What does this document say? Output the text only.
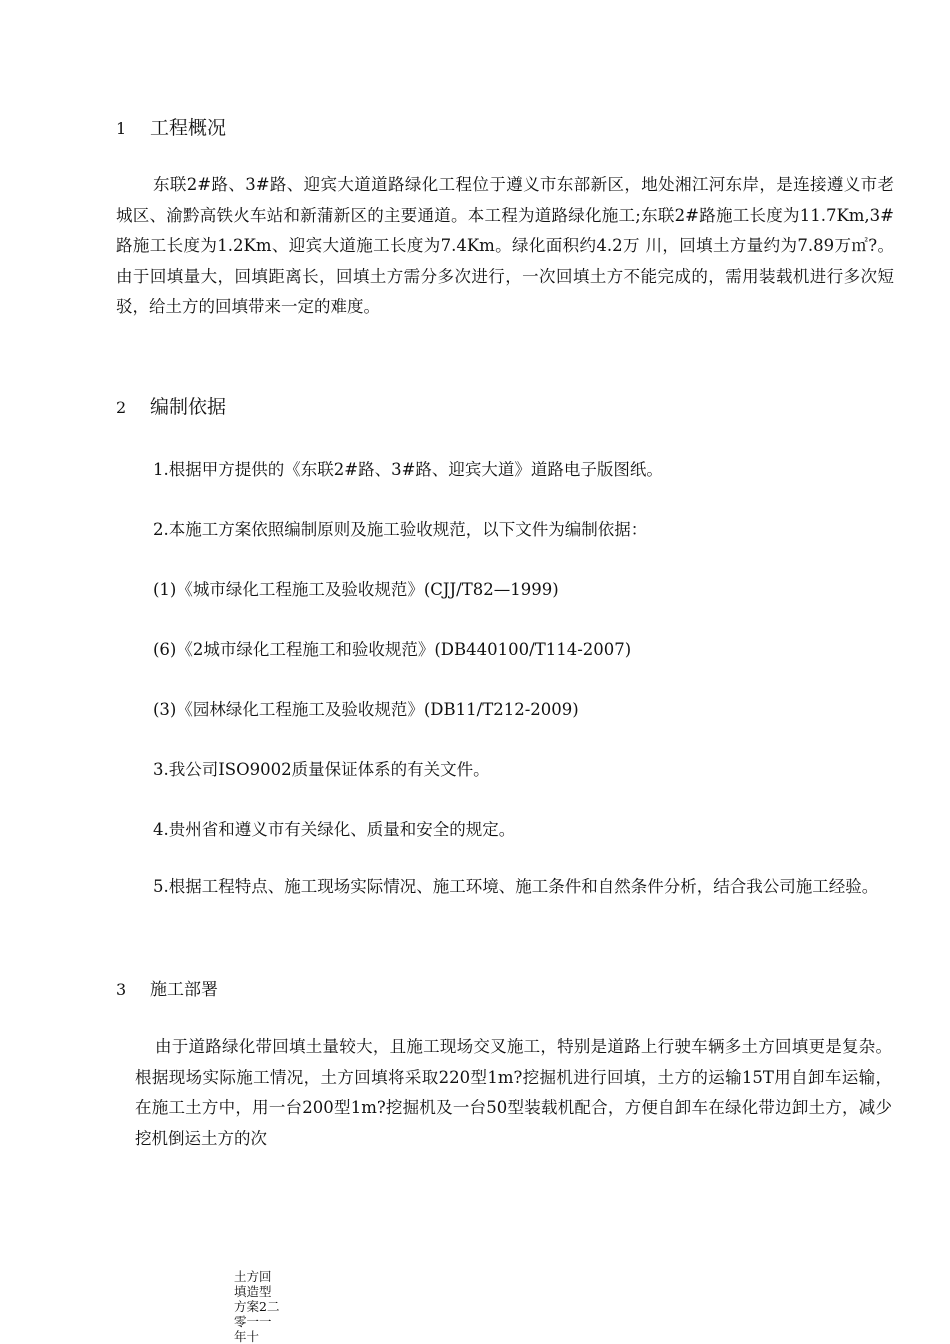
1 工程概况

东联2#路、3#路、迎宾大道道路绿化工程位于遵义市东部新区，地处湘江河东岸，是连接遵义市老城区、渝黔高铁火车站和新蒲新区的主要通道。本工程为道路绿化施工;东联2#路施工长度为11.7Km,3#路施工长度为1.2Km、迎宾大道施工长度为7.4Km。绿化面积约4.2万 川，回填土方量约为7.89万㎡?。由于回填量大，回填距离长，回填土方需分多次进行，一次回填土方不能完成的，需用装载机进行多次短驳，给土方的回填带来一定的难度。

2 编制依据

1.根据甲方提供的《东联2#路、3#路、迎宾大道》道路电子版图纸。

2.本施工方案依照编制原则及施工验收规范，以下文件为编制依据：

(1)《城市绿化工程施工及验收规范》(CJJ/T82—1999)

(6)《2城市绿化工程施工和验收规范》(DB440100/T114-2007)

(3)《园林绿化工程施工及验收规范》(DB11/T212-2009)

3.我公司ISO9002质量保证体系的有关文件。

4.贵州省和遵义市有关绿化、质量和安全的规定。

5.根据工程特点、施工现场实际情况、施工环境、施工条件和自然条件分析，结合我公司施工经验。

3 施工部署

由于道路绿化带回填土量较大，且施工现场交叉施工，特别是道路上行驶车辆多土方回填更是复杂。根据现场实际施工情况，土方回填将采取220型1m?挖掘机进行回填，土方的运输15T用自卸车运输，在施工土方中，用一台200型1m?挖掘机及一台50型装载机配合，方便自卸车在绿化带边卸土方，减少挖机倒运土方的次

土方回填造型方案2二零一一年十
